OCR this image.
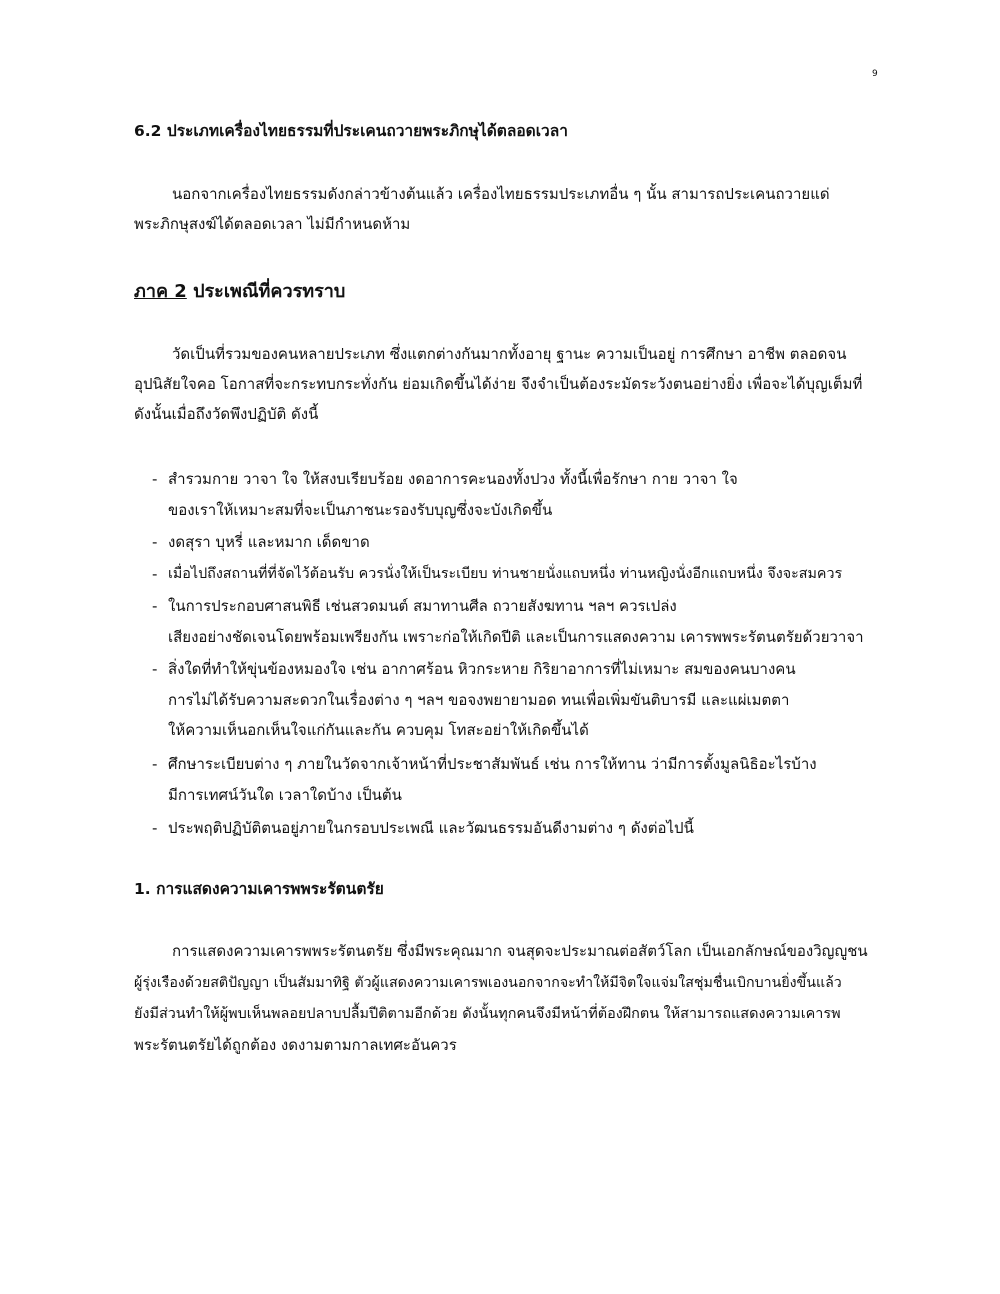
9
6.2 ประเภทเครื่องไทยธรรมที่ประเคนถวายพระภิกษุได้ตลอดเวลา
นอกจากเครื่องไทยธรรมดังกล่าวข้างต้นแล้ว เครื่องไทยธรรมประเภทอื่น ๆ นั้น สามารถประเคนถวายแด่
พระภิกษุสงฆ์ได้ตลอดเวลา ไม่มีกำหนดห้าม
ภาค 2 ประเพณีที่ควรทราบ
วัดเป็นที่รวมของคนหลายประเภท ซึ่งแตกต่างกันมากทั้งอายุ ฐานะ ความเป็นอยู่ การศึกษา อาชีพ ตลอดจน
อุปนิสัยใจคอ โอกาสที่จะกระทบกระทั่งกัน ย่อมเกิดขึ้นได้ง่าย จึงจำเป็นต้องระมัดระวังตนอย่างยิ่ง เพื่อจะได้บุญเต็มที่
ดังนั้นเมื่อถึงวัดพึงปฏิบัติ ดังนี้
- สำรวมกาย วาจา ใจ ให้สงบเรียบร้อย งดอาการคะนองทั้งปวง ทั้งนี้เพื่อรักษา กาย วาจา ใจ
ของเราให้เหมาะสมที่จะเป็นภาชนะรองรับบุญซึ่งจะบังเกิดขึ้น
- งดสุรา บุหรี่ และหมาก เด็ดขาด
- เมื่อไปถึงสถานที่ที่จัดไว้ต้อนรับ ควรนั่งให้เป็นระเบียบ ท่านชายนั่งแถบหนึ่ง ท่านหญิงนั่งอีกแถบหนึ่ง จึงจะสมควร
- ในการประกอบศาสนพิธี เช่นสวดมนต์ สมาทานศีล ถวายสังฆทาน ฯลฯ ควรเปล่ง
เสียงอย่างชัดเจนโดยพร้อมเพรียงกัน เพราะก่อให้เกิดปีติ และเป็นการแสดงความ เคารพพระรัตนตรัยด้วยวาจา
- สิ่งใดที่ทำให้ขุ่นข้องหมองใจ เช่น อากาศร้อน หิวกระหาย กิริยาอาการที่ไม่เหมาะ สมของคนบางคน
การไม่ได้รับความสะดวกในเรื่องต่าง ๆ ฯลฯ ขอจงพยายามอด ทนเพื่อเพิ่มขันติบารมี และแผ่เมตตา
ให้ความเห็นอกเห็นใจแก่กันและกัน ควบคุม โทสะอย่าให้เกิดขึ้นได้
- ศึกษาระเบียบต่าง ๆ ภายในวัดจากเจ้าหน้าที่ประชาสัมพันธ์ เช่น การให้ทาน ว่ามีการตั้งมูลนิธิอะไรบ้าง
มีการเทศน์วันใด เวลาใดบ้าง เป็นต้น
- ประพฤติปฏิบัติตนอยู่ภายในกรอบประเพณี และวัฒนธรรมอันดีงามต่าง ๆ ดังต่อไปนี้
1. การแสดงความเคารพพระรัตนตรัย
การแสดงความเคารพพระรัตนตรัย ซึ่งมีพระคุณมาก จนสุดจะประมาณต่อสัตว์โลก เป็นเอกลักษณ์ของวิญญูชน
ผู้รุ่งเรืองด้วยสติปัญญา เป็นสัมมาทิฐิ ตัวผู้แสดงความเคารพเองนอกจากจะทำให้มีจิตใจแจ่มใสชุ่มชื่นเบิกบานยิ่งขึ้นแล้ว
ยังมีส่วนทำให้ผู้พบเห็นพลอยปลาบปลื้มปีติตามอีกด้วย ดังนั้นทุกคนจึงมีหน้าที่ต้องฝึกตน ให้สามารถแสดงความเคารพ
พระรัตนตรัยได้ถูกต้อง งดงามตามกาลเทศะอันควร
